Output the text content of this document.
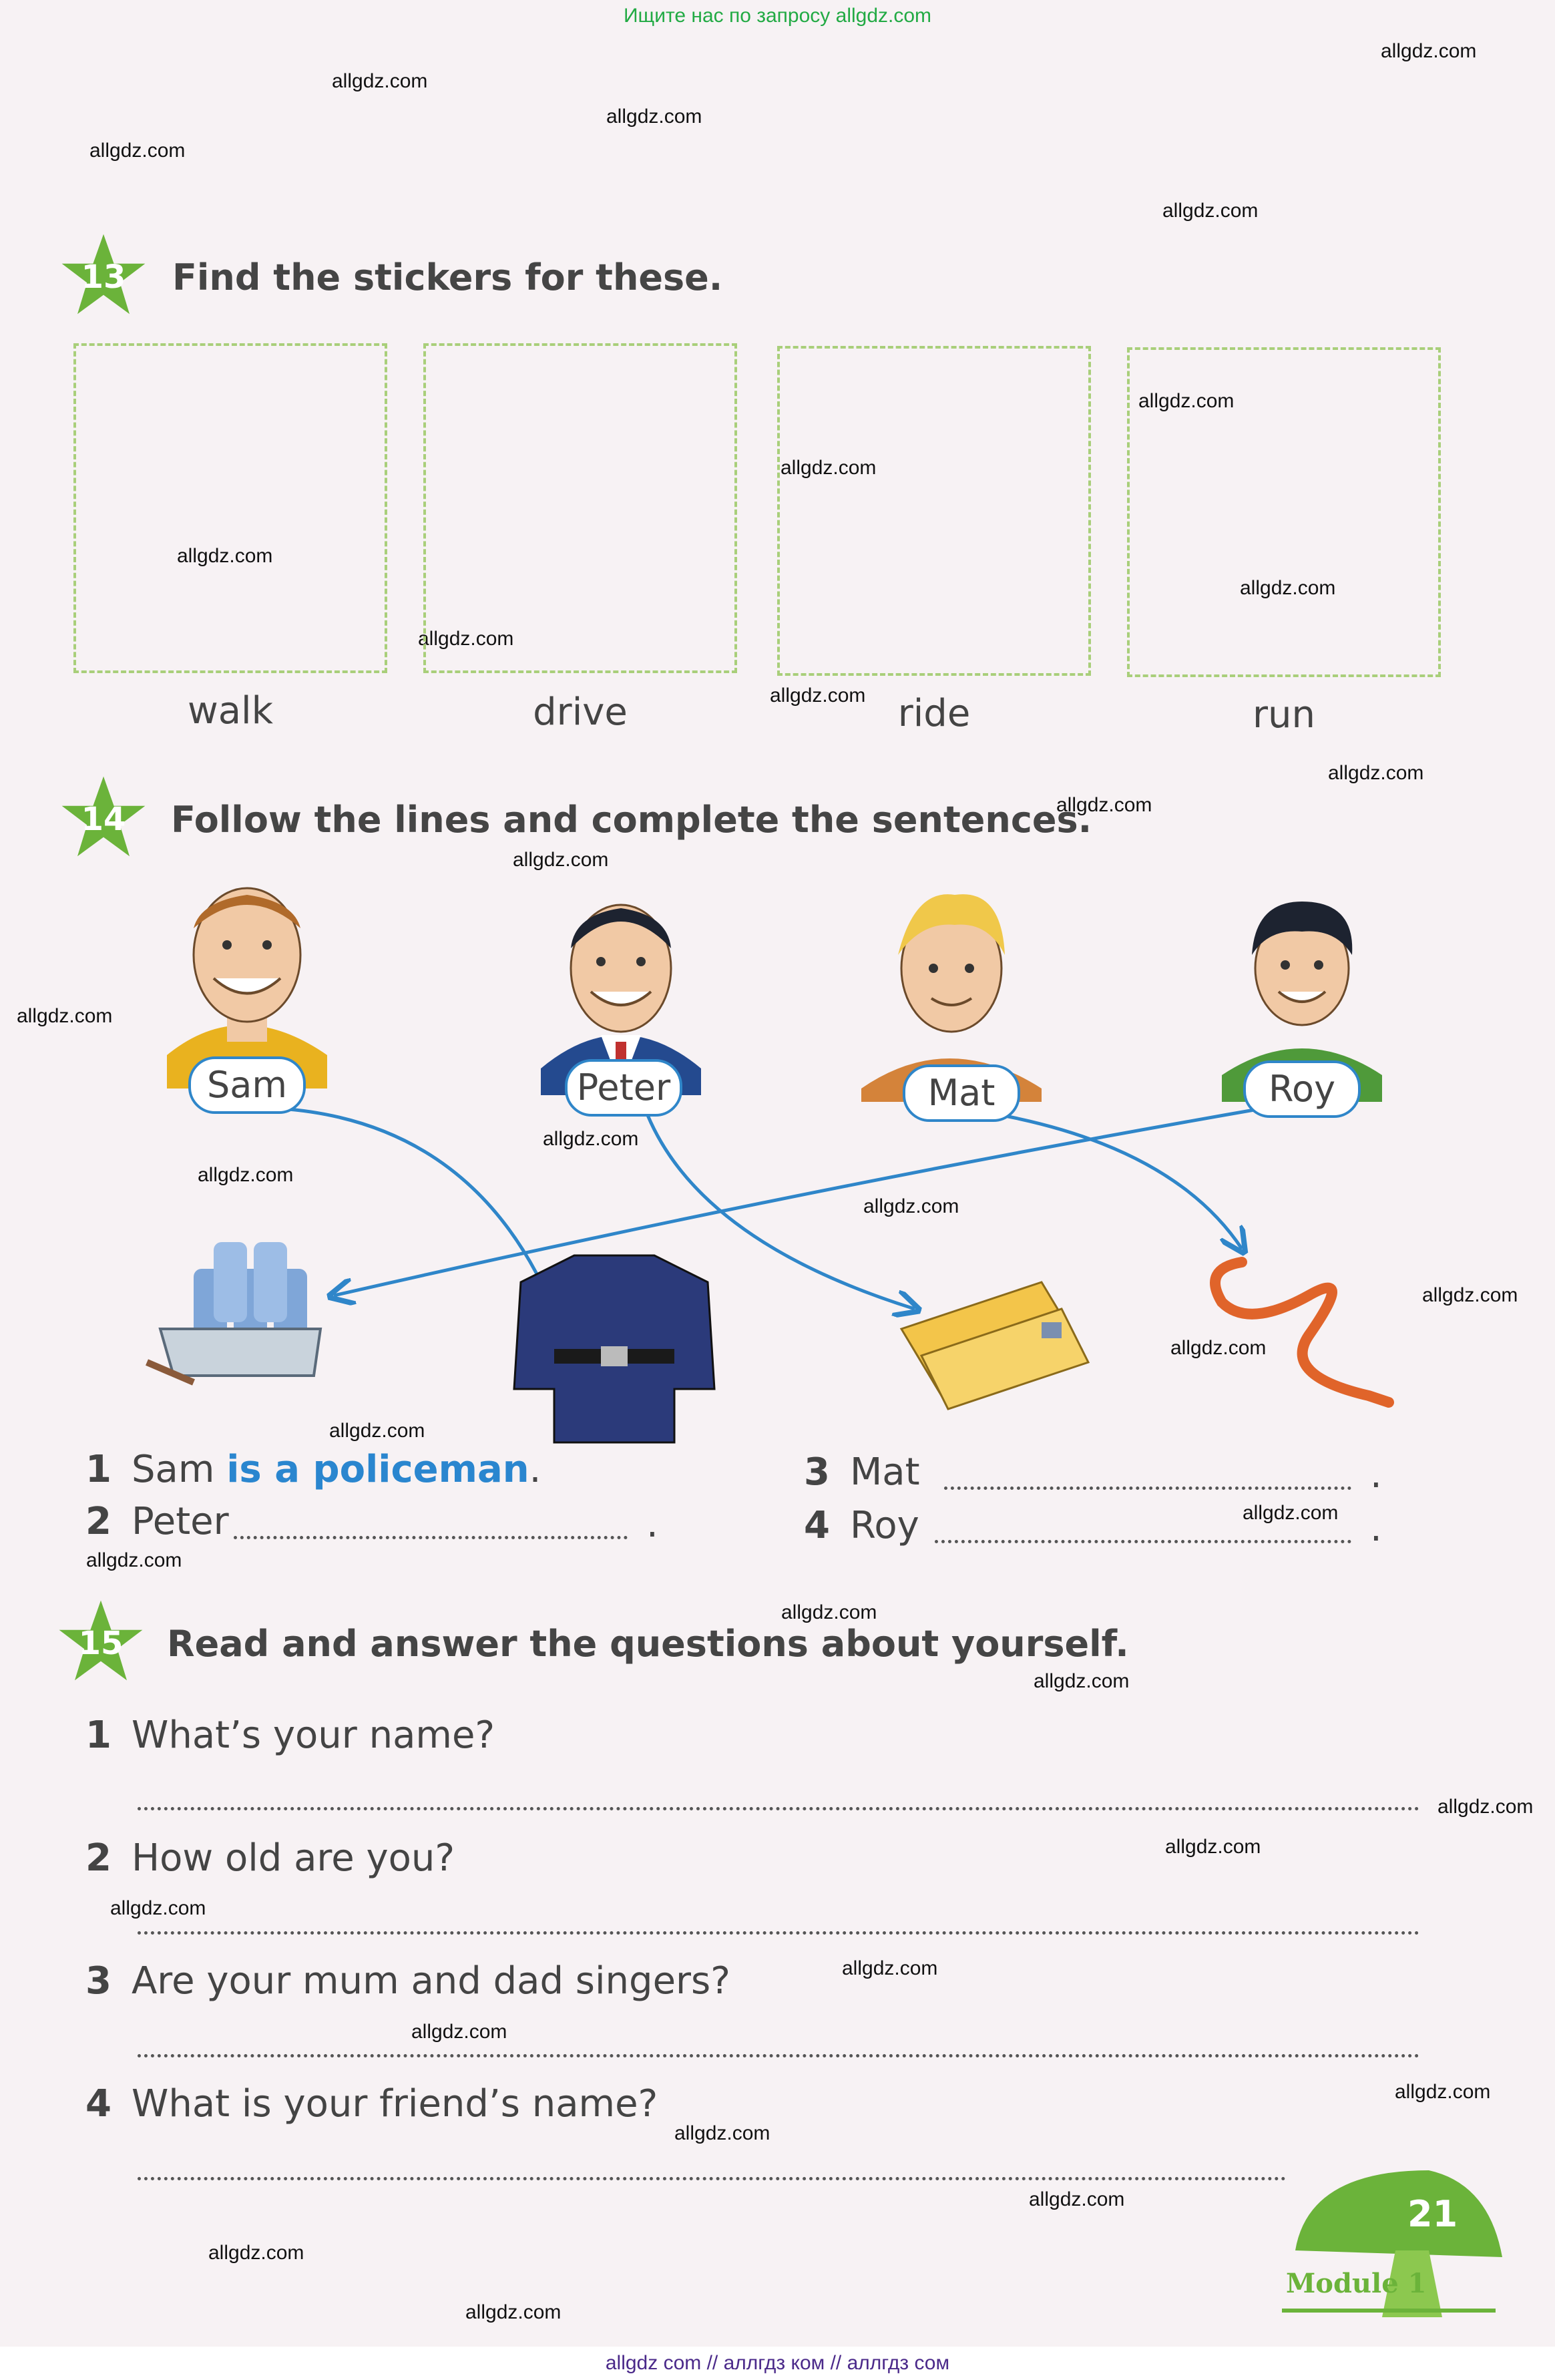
Ищите нас по запросу allgdz.com
allgdz.com
allgdz.com
allgdz.com
allgdz.com
allgdz.com
allgdz.com
allgdz.com
allgdz.com
allgdz.com
allgdz.com
allgdz.com
allgdz.com
allgdz.com
allgdz.com
allgdz.com
allgdz.com
allgdz.com
allgdz.com
allgdz.com
allgdz.com
allgdz.com
allgdz.com
allgdz.com
allgdz.com
allgdz.com
allgdz.com
allgdz.com
allgdz.com
allgdz.com
allgdz.com
allgdz.com
allgdz.com
allgdz.com
allgdz.com
allgdz.com
13	Find the stickers for these.
walk	drive	ride	run
14	Follow the lines and complete the sentences.
Sam	Peter	Mat	Roy
1 Sam is a policeman.
2 Peter	.
3 Mat	.
4 Roy	.
15	Read and answer the questions about yourself.
1 What’s your name?
2 How old are you?
3 Are your mum and dad singers?
4 What is your friend’s name?
21
Module 1
allgdz com // аллгдз ком // аллгдз сом
